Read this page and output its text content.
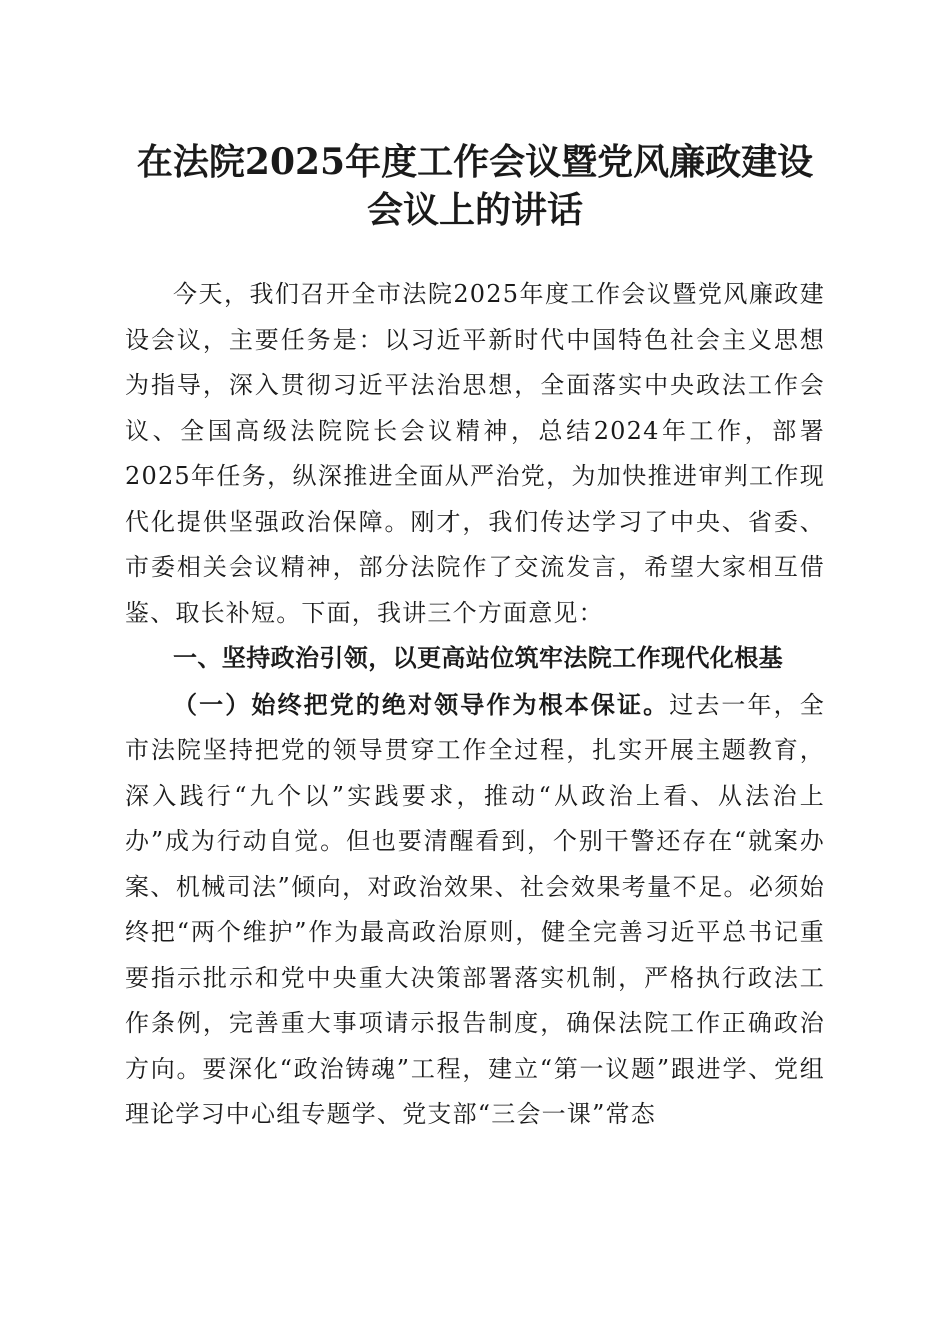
在法院2025年度工作会议暨党风廉政建设会议上的讲话

今天，我们召开全市法院2025年度工作会议暨党风廉政建设会议，主要任务是：以习近平新时代中国特色社会主义思想为指导，深入贯彻习近平法治思想，全面落实中央政法工作会议、全国高级法院院长会议精神，总结2024年工作，部署2025年任务，纵深推进全面从严治党，为加快推进审判工作现代化提供坚强政治保障。刚才，我们传达学习了中央、省委、市委相关会议精神，部分法院作了交流发言，希望大家相互借鉴、取长补短。下面，我讲三个方面意见：

一、坚持政治引领，以更高站位筑牢法院工作现代化根基

（一）始终把党的绝对领导作为根本保证。过去一年，全市法院坚持把党的领导贯穿工作全过程，扎实开展主题教育，深入践行“九个以”实践要求，推动“从政治上看、从法治上办”成为行动自觉。但也要清醒看到，个别干警还存在“就案办案、机械司法”倾向，对政治效果、社会效果考量不足。必须始终把“两个维护”作为最高政治原则，健全完善习近平总书记重要指示批示和党中央重大决策部署落实机制，严格执行政法工作条例，完善重大事项请示报告制度，确保法院工作正确政治方向。要深化“政治铸魂”工程，建立“第一议题”跟进学、党组理论学习中心组专题学、党支部“三会一课”常态
